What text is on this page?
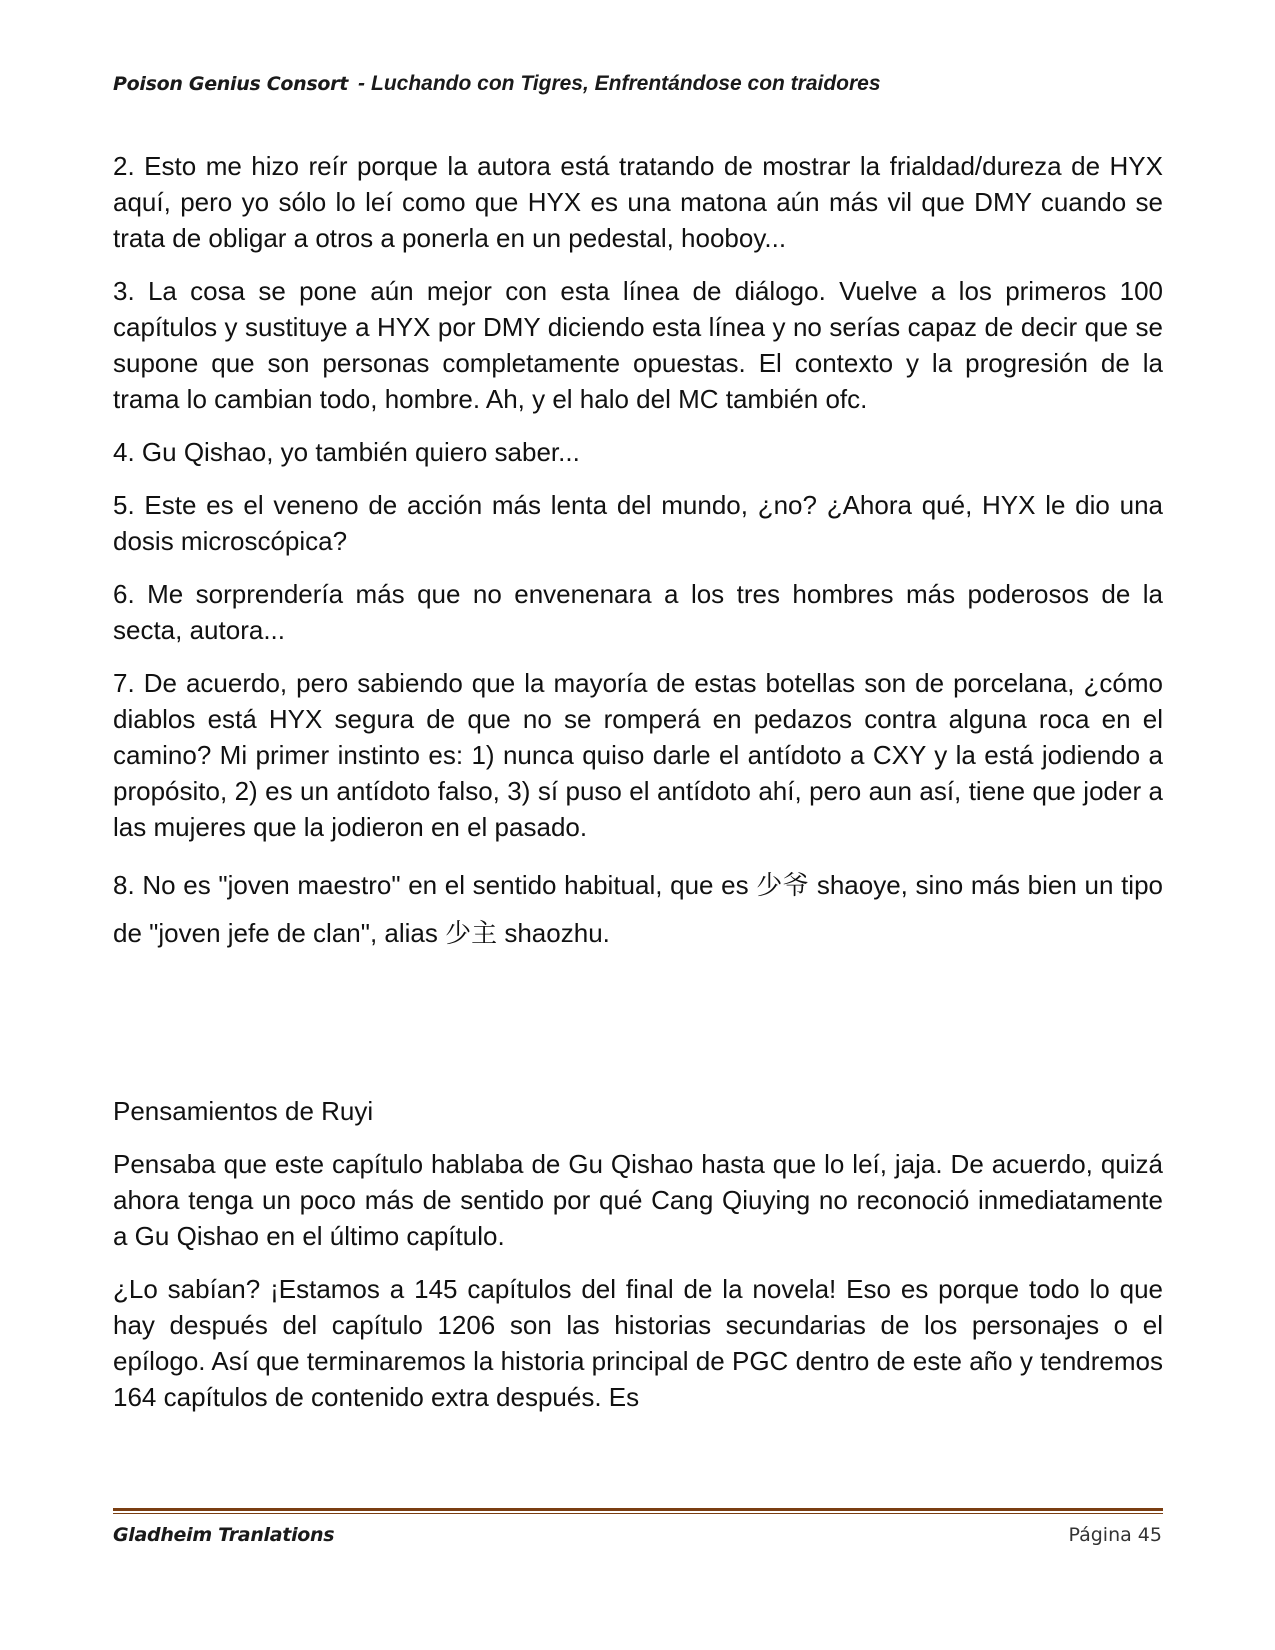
Poison Genius Consort - Luchando con Tigres, Enfrentándose con traidores

2. Esto me hizo reír porque la autora está tratando de mostrar la frialdad/dureza de HYX aquí, pero yo sólo lo leí como que HYX es una matona aún más vil que DMY cuando se trata de obligar a otros a ponerla en un pedestal, hooboy...

3. La cosa se pone aún mejor con esta línea de diálogo. Vuelve a los primeros 100 capítulos y sustituye a HYX por DMY diciendo esta línea y no serías capaz de decir que se supone que son personas completamente opuestas. El contexto y la progresión de la trama lo cambian todo, hombre. Ah, y el halo del MC también ofc.

4. Gu Qishao, yo también quiero saber...

5. Este es el veneno de acción más lenta del mundo, ¿no? ¿Ahora qué, HYX le dio una dosis microscópica?

6. Me sorprendería más que no envenenara a los tres hombres más poderosos de la secta, autora...

7. De acuerdo, pero sabiendo que la mayoría de estas botellas son de porcelana, ¿cómo diablos está HYX segura de que no se romperá en pedazos contra alguna roca en el camino? Mi primer instinto es: 1) nunca quiso darle el antídoto a CXY y la está jodiendo a propósito, 2) es un antídoto falso, 3) sí puso el antídoto ahí, pero aun así, tiene que joder a las mujeres que la jodieron en el pasado.

8. No es "joven maestro" en el sentido habitual, que es 少爷 shaoye, sino más bien un tipo de "joven jefe de clan", alias 少主 shaozhu.

Pensamientos de Ruyi

Pensaba que este capítulo hablaba de Gu Qishao hasta que lo leí, jaja. De acuerdo, quizá ahora tenga un poco más de sentido por qué Cang Qiuying no reconoció inmediatamente a Gu Qishao en el último capítulo.

¿Lo sabían? ¡Estamos a 145 capítulos del final de la novela! Eso es porque todo lo que hay después del capítulo 1206 son las historias secundarias de los personajes o el epílogo. Así que terminaremos la historia principal de PGC dentro de este año y tendremos 164 capítulos de contenido extra después. Es

Gladheim Tranlations	Página 45
